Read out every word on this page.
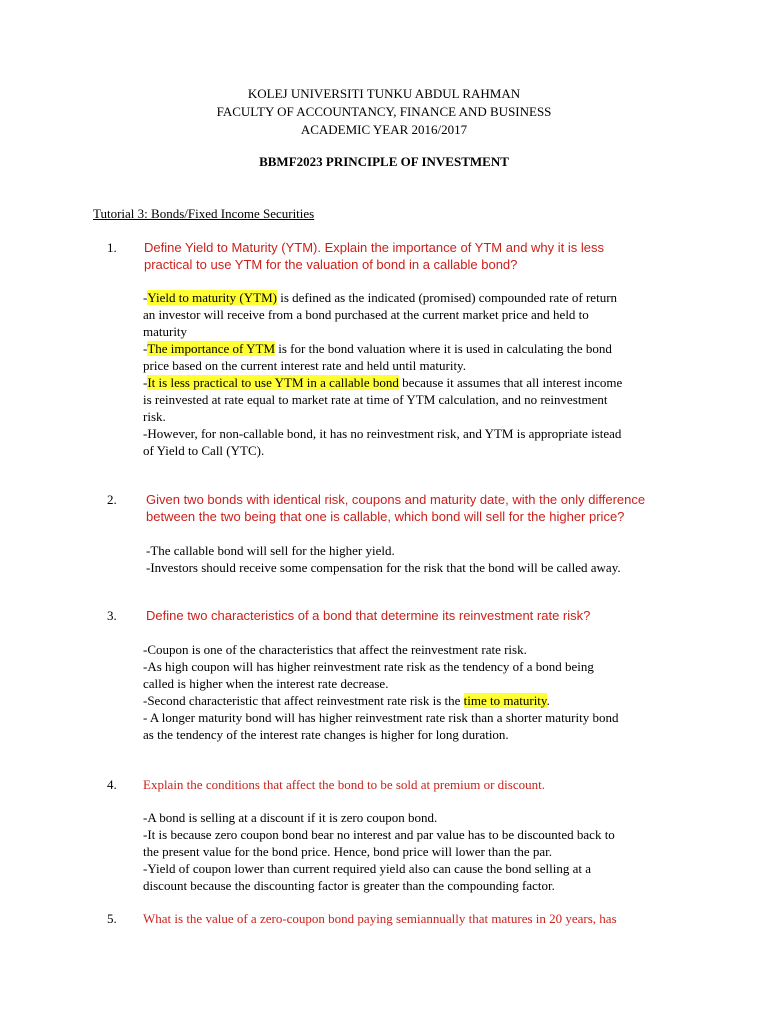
KOLEJ UNIVERSITI TUNKU ABDUL RAHMAN
FACULTY OF ACCOUNTANCY, FINANCE AND BUSINESS
ACADEMIC YEAR 2016/2017
BBMF2023 PRINCIPLE OF INVESTMENT
Tutorial 3: Bonds/Fixed Income Securities
1. Define Yield to Maturity (YTM). Explain the importance of YTM and why it is less
practical to use YTM for the valuation of bond in a callable bond?
-Yield to maturity (YTM) is defined as the indicated (promised) compounded rate of return
an investor will receive from a bond purchased at the current market price and held to
maturity
-The importance of YTM is for the bond valuation where it is used in calculating the bond
price based on the current interest rate and held until maturity.
-It is less practical to use YTM in a callable bond because it assumes that all interest income
is reinvested at rate equal to market rate at time of YTM calculation, and no reinvestment
risk.
-However, for non-callable bond, it has no reinvestment risk, and YTM is appropriate istead
of Yield to Call (YTC).
2. Given two bonds with identical risk, coupons and maturity date, with the only difference
between the two being that one is callable, which bond will sell for the higher price?
-The callable bond will sell for the higher yield.
-Investors should receive some compensation for the risk that the bond will be called away.
3. Define two characteristics of a bond that determine its reinvestment rate risk?
-Coupon is one of the characteristics that affect the reinvestment rate risk.
-As high coupon will has higher reinvestment rate risk as the tendency of a bond being
called is higher when the interest rate decrease.
-Second characteristic that affect reinvestment rate risk is the time to maturity.
- A longer maturity bond will has higher reinvestment rate risk than a shorter maturity bond
as the tendency of the interest rate changes is higher for long duration.
4. Explain the conditions that affect the bond to be sold at premium or discount.
-A bond is selling at a discount if it is zero coupon bond.
-It is because zero coupon bond bear no interest and par value has to be discounted back to
the present value for the bond price. Hence, bond price will lower than the par.
-Yield of coupon lower than current required yield also can cause the bond selling at a
discount because the discounting factor is greater than the compounding factor.
5. What is the value of a zero-coupon bond paying semiannually that matures in 20 years, has
